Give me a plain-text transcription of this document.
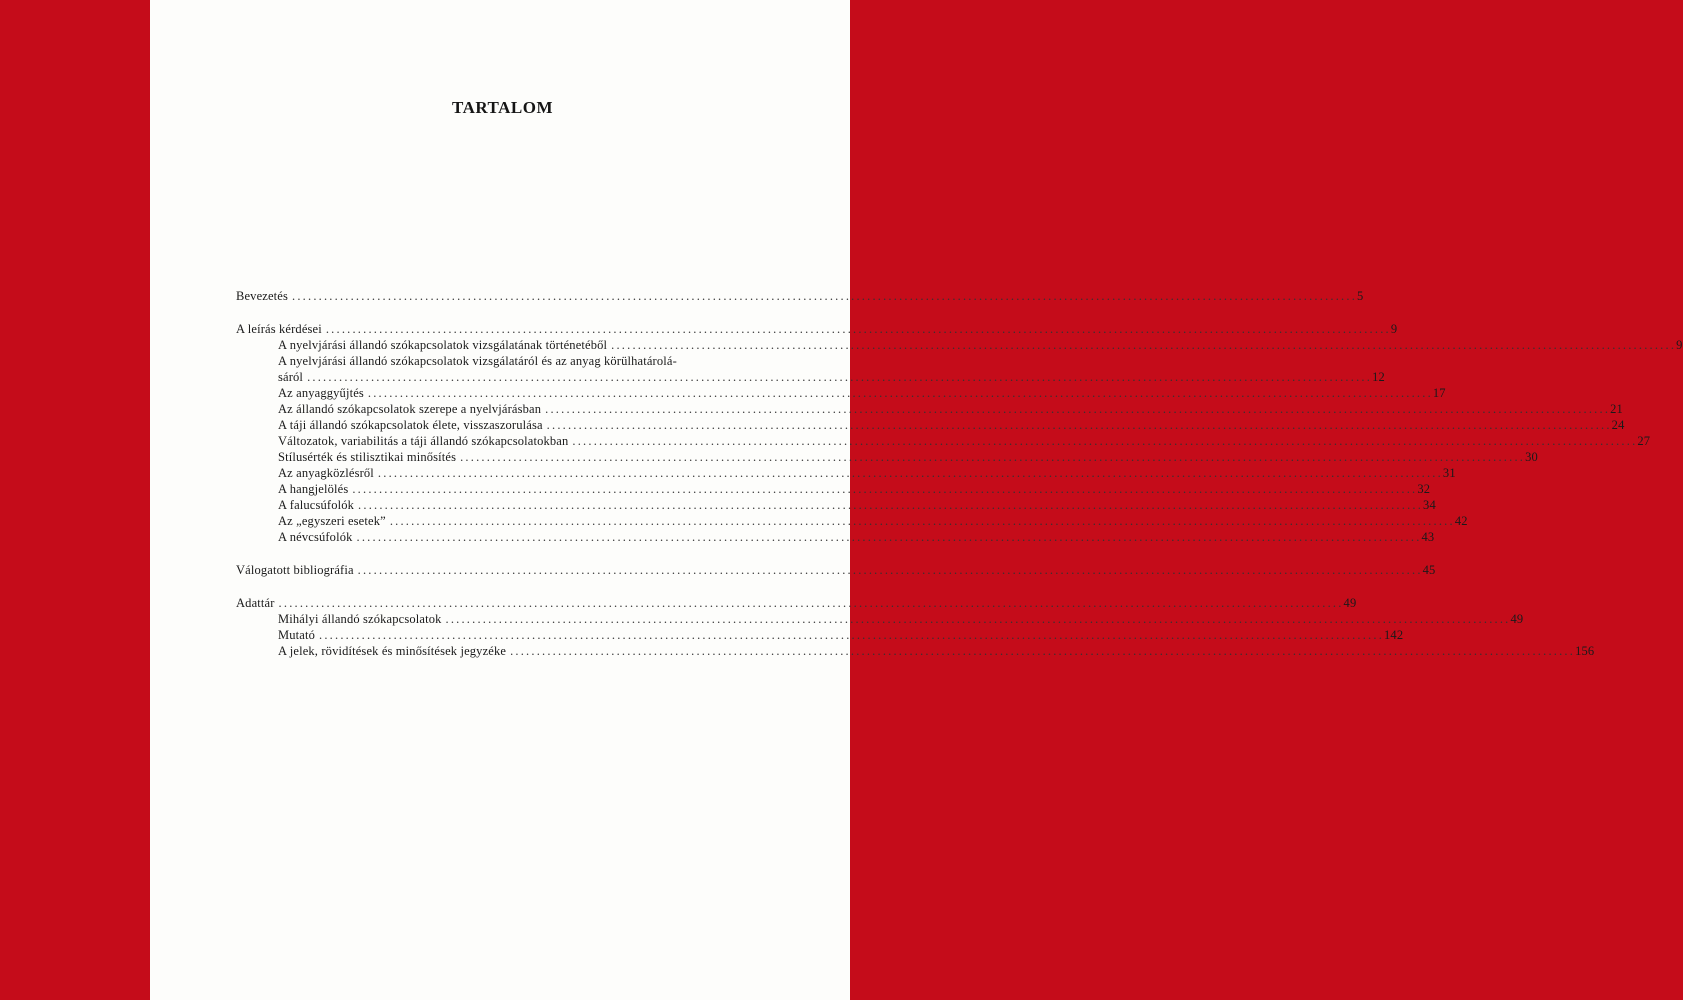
TARTALOM
Bevezetés ........................................................................................................................................................................................................ 5
A leírás kérdései ........................................................................................................................................................................................................ 9
A nyelvjárási állandó szókapcsolatok vizsgálatának történetéből ........................................................................................................................................................................................................ 9
A nyelvjárási állandó szókapcsolatok vizsgálatáról és az anyag körülhatárolá-
sáról ........................................................................................................................................................................................................ 12
Az anyaggyűjtés ........................................................................................................................................................................................................ 17
Az állandó szókapcsolatok szerepe a nyelvjárásban ........................................................................................................................................................................................................ 21
A táji állandó szókapcsolatok élete, visszaszorulása ........................................................................................................................................................................................................ 24
Változatok, variabilitás a táji állandó szókapcsolatokban ........................................................................................................................................................................................................ 27
Stílusérték és stilisztikai minősítés ........................................................................................................................................................................................................ 30
Az anyagközlésről ........................................................................................................................................................................................................ 31
A hangjelölés ........................................................................................................................................................................................................ 32
A falucsúfolók ........................................................................................................................................................................................................ 34
Az „egyszeri esetek” ........................................................................................................................................................................................................ 42
A névcsúfolók ........................................................................................................................................................................................................ 43
Válogatott bibliográfia ........................................................................................................................................................................................................ 45
Adattár ........................................................................................................................................................................................................ 49
Mihályi állandó szókapcsolatok ........................................................................................................................................................................................................ 49
Mutató ........................................................................................................................................................................................................ 142
A jelek, rövidítések és minősítések jegyzéke ........................................................................................................................................................................................................ 156
